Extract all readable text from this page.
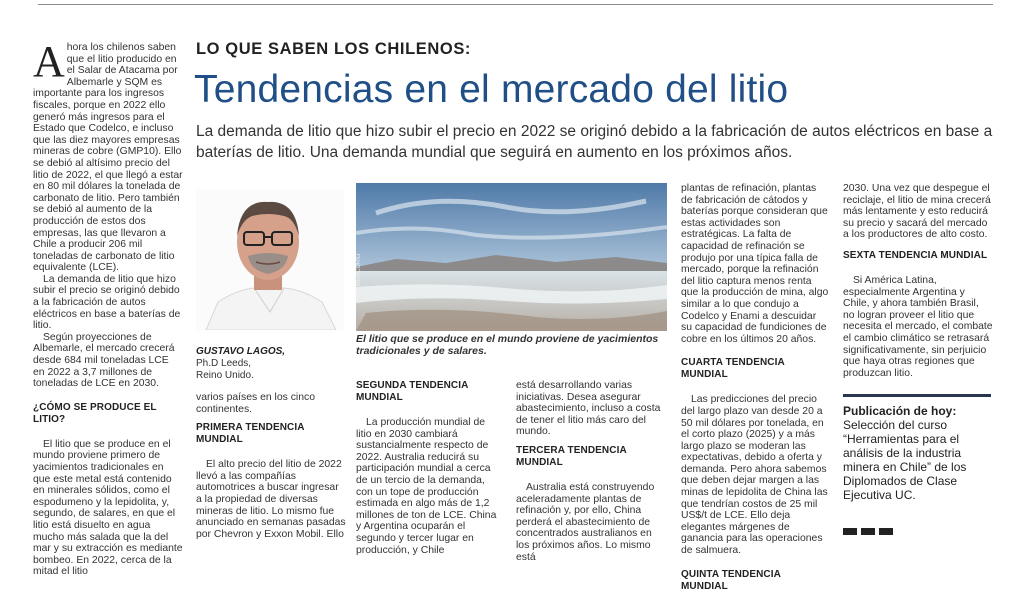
Ahora los chilenos saben que el litio producido en el Salar de Atacama por Albemarle y SQM es importante para los ingresos fiscales, porque en 2022 ello generó más ingresos para el Estado que Codelco, e incluso que las diez mayores empresas mineras de cobre (GMP10). Ello se debió al altísimo precio del litio de 2022, el que llegó a estar en 80 mil dólares la tonelada de carbonato de litio. Pero también se debió al aumento de la producción de estos dos empresas, las que llevaron a Chile a producir 206 mil toneladas de carbonato de litio equivalente (LCE).

La demanda de litio que hizo subir el precio se originó debido a la fabricación de autos eléctricos en base a baterías de litio.

Según proyecciones de Albemarle, el mercado crecerá desde 684 mil toneladas LCE en 2022 a 3,7 millones de toneladas de LCE en 2030.

¿CÓMO SE PRODUCE EL LITIO?

El litio que se produce en el mundo proviene primero de yacimientos tradicionales en que este metal está contenido en minerales sólidos, como el espodumeno y la lepidolita, y, segundo, de salares, en que el litio está disuelto en agua mucho más salada que la del mar y su extracción es mediante bombeo. En 2022, cerca de la mitad el litio

LO QUE SABEN LOS CHILENOS:
Tendencias en el mercado del litio
La demanda de litio que hizo subir el precio en 2022 se originó debido a la fabricación de autos eléctricos en base a baterías de litio. Una demanda mundial que seguirá en aumento en los próximos años.
GUSTAVO LAGOS,
Ph.D Leeds,
Reino Unido.
EL MERCURIO
El litio que se produce en el mundo proviene de yacimientos tradicionales y de salares.

varios países en los cinco continentes.

PRIMERA TENDENCIA MUNDIAL

El alto precio del litio de 2022 llevó a las compañías automotrices a buscar ingresar a la propiedad de diversas mineras de litio. Lo mismo fue anunciado en semanas pasadas por Chevron y Exxon Mobil. Ello

SEGUNDA TENDENCIA MUNDIAL

La producción mundial de litio en 2030 cambiará sustancialmente respecto de 2022. Australia reducirá su participación mundial a cerca de un tercio de la demanda, con un tope de producción estimada en algo más de 1,2 millones de ton de LCE. China y Argentina ocuparán el segundo y tercer lugar en producción, y Chile

está desarrollando varias iniciativas. Desea asegurar abastecimiento, incluso a costa de tener el litio más caro del mundo.

TERCERA TENDENCIA MUNDIAL

Australia está construyendo aceleradamente plantas de refinación y, por ello, China perderá el abastecimiento de concentrados australianos en los próximos años. Lo mismo está

plantas de refinación, plantas de fabricación de cátodos y baterías porque consideran que estas actividades son estratégicas. La falta de capacidad de refinación se produjo por una típica falla de mercado, porque la refinación del litio captura menos renta que la producción de mina, algo similar a lo que condujo a Codelco y Enami a descuidar su capacidad de fundiciones de cobre en los últimos 20 años.

CUARTA TENDENCIA MUNDIAL

Las predicciones del precio del largo plazo van desde 20 a 50 mil dólares por tonelada, en el corto plazo (2025) y a más largo plazo se moderan las expectativas, debido a oferta y demanda. Pero ahora sabemos que deben dejar margen a las minas de lepidolita de China las que tendrían costos de 25 mil US$/t de LCE. Ello deja elegantes márgenes de ganancia para las operaciones de salmuera.

QUINTA TENDENCIA MUNDIAL

2030. Una vez que despegue el reciclaje, el litio de mina crecerá más lentamente y esto reducirá su precio y sacará del mercado a los productores de alto costo.

SEXTA TENDENCIA MUNDIAL

Si América Latina, especialmente Argentina y Chile, y ahora también Brasil, no logran proveer el litio que necesita el mercado, el combate el cambio climático se retrasará significativamente, sin perjuicio que haya otras regiones que produzcan litio.

Publicación de hoy:
Selección del curso “Herramientas para el análisis de la industria minera en Chile” de los Diplomados de Clase Ejecutiva UC.
